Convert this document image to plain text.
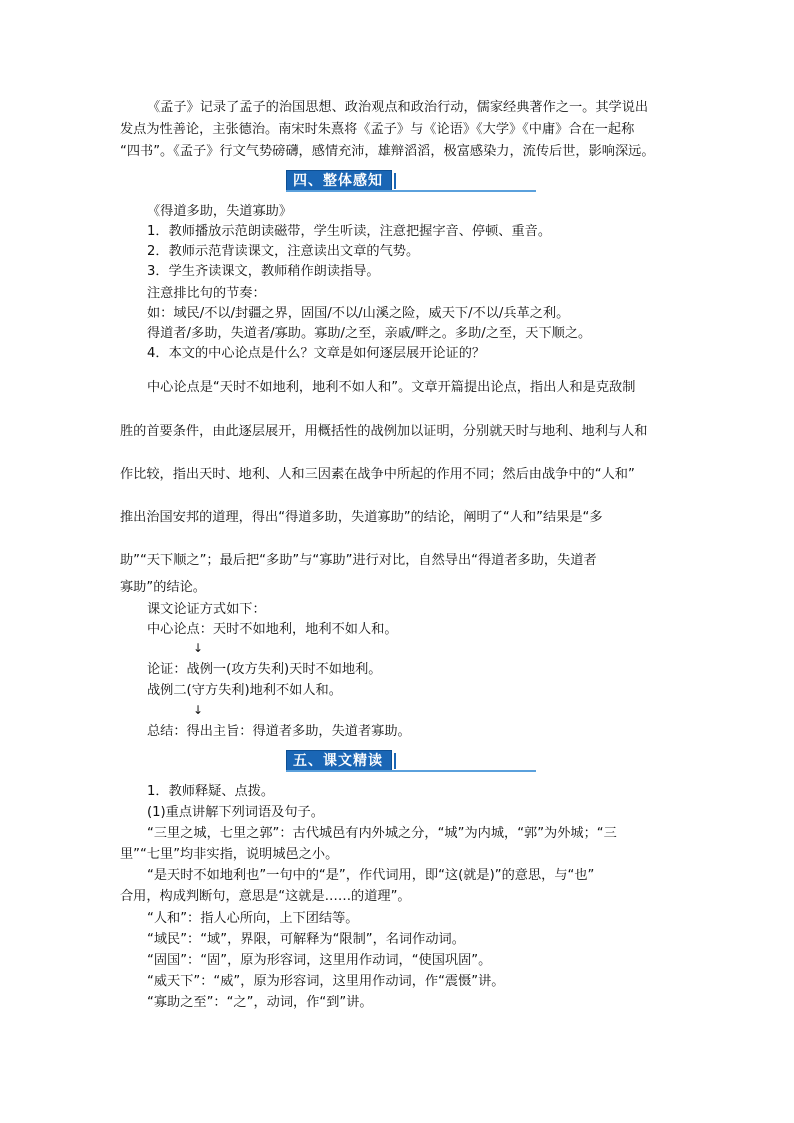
《孟子》记录了孟子的治国思想、政治观点和政治行动，儒家经典著作之一。其学说出
发点为性善论，主张德治。南宋时朱熹将《孟子》与《论语》《大学》《中庸》合在一起称
“四书”。《孟子》行文气势磅礴，感情充沛，雄辩滔滔，极富感染力，流传后世，影响深远。
四、整体感知
《得道多助，失道寡助》
1．教师播放示范朗读磁带，学生听读，注意把握字音、停顿、重音。
2．教师示范背读课文，注意读出文章的气势。
3．学生齐读课文，教师稍作朗读指导。
注意排比句的节奏：
如：域民/不以/封疆之界，固国/不以/山溪之险，威天下/不以/兵革之利。
得道者/多助，失道者/寡助。寡助/之至，亲戚/畔之。多助/之至，天下顺之。
4．本文的中心论点是什么？文章是如何逐层展开论证的？
中心论点是“天时不如地利，地利不如人和”。文章开篇提出论点，指出人和是克敌制
胜的首要条件，由此逐层展开，用概括性的战例加以证明，分别就天时与地利、地利与人和
作比较，指出天时、地利、人和三因素在战争中所起的作用不同；然后由战争中的“人和”
推出治国安邦的道理，得出“得道多助，失道寡助”的结论，阐明了“人和”结果是“多
助”“天下顺之”；最后把“多助”与“寡助”进行对比，自然导出“得道者多助，失道者
寡助”的结论。
课文论证方式如下：
中心论点：天时不如地利，地利不如人和。
↓
论证：战例一(攻方失利)天时不如地利。
战例二(守方失利)地利不如人和。
↓
总结：得出主旨：得道者多助，失道者寡助。
五、课文精读
1．教师释疑、点拨。
(1)重点讲解下列词语及句子。
“三里之城，七里之郭”：古代城邑有内外城之分，“城”为内城，“郭”为外城；“三
里”“七里”均非实指，说明城邑之小。
“是天时不如地利也”一句中的“是”，作代词用，即“这(就是)”的意思，与“也”
合用，构成判断句，意思是“这就是……的道理”。
“人和”：指人心所向，上下团结等。
“域民”：“域”，界限，可解释为“限制”，名词作动词。
“固国”：“固”，原为形容词，这里用作动词，“使国巩固”。
“威天下”：“威”，原为形容词，这里用作动词，作“震慑”讲。
“寡助之至”：“之”，动词，作“到”讲。
